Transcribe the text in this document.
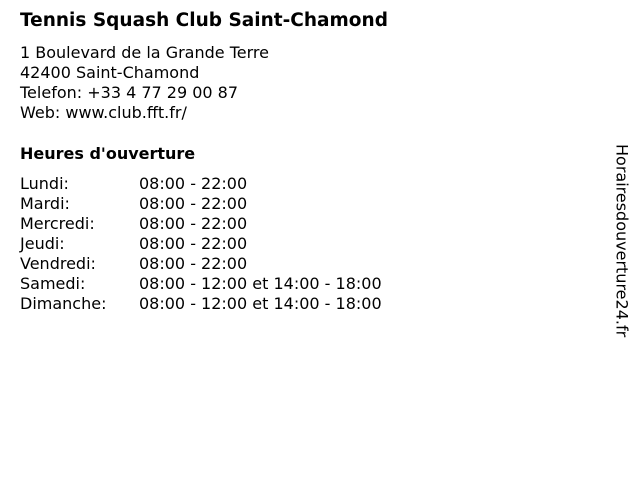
Tennis Squash Club Saint-Chamond
1 Boulevard de la Grande Terre
42400 Saint-Chamond
Telefon: +33 4 77 29 00 87
Web: www.club.fft.fr/
Heures d'ouverture
Lundi:	08:00 - 22:00
Mardi:	08:00 - 22:00
Mercredi:	08:00 - 22:00
Jeudi:	08:00 - 22:00
Vendredi:	08:00 - 22:00
Samedi:	08:00 - 12:00 et 14:00 - 18:00
Dimanche:	08:00 - 12:00 et 14:00 - 18:00	Horairesdouverture24.fr
